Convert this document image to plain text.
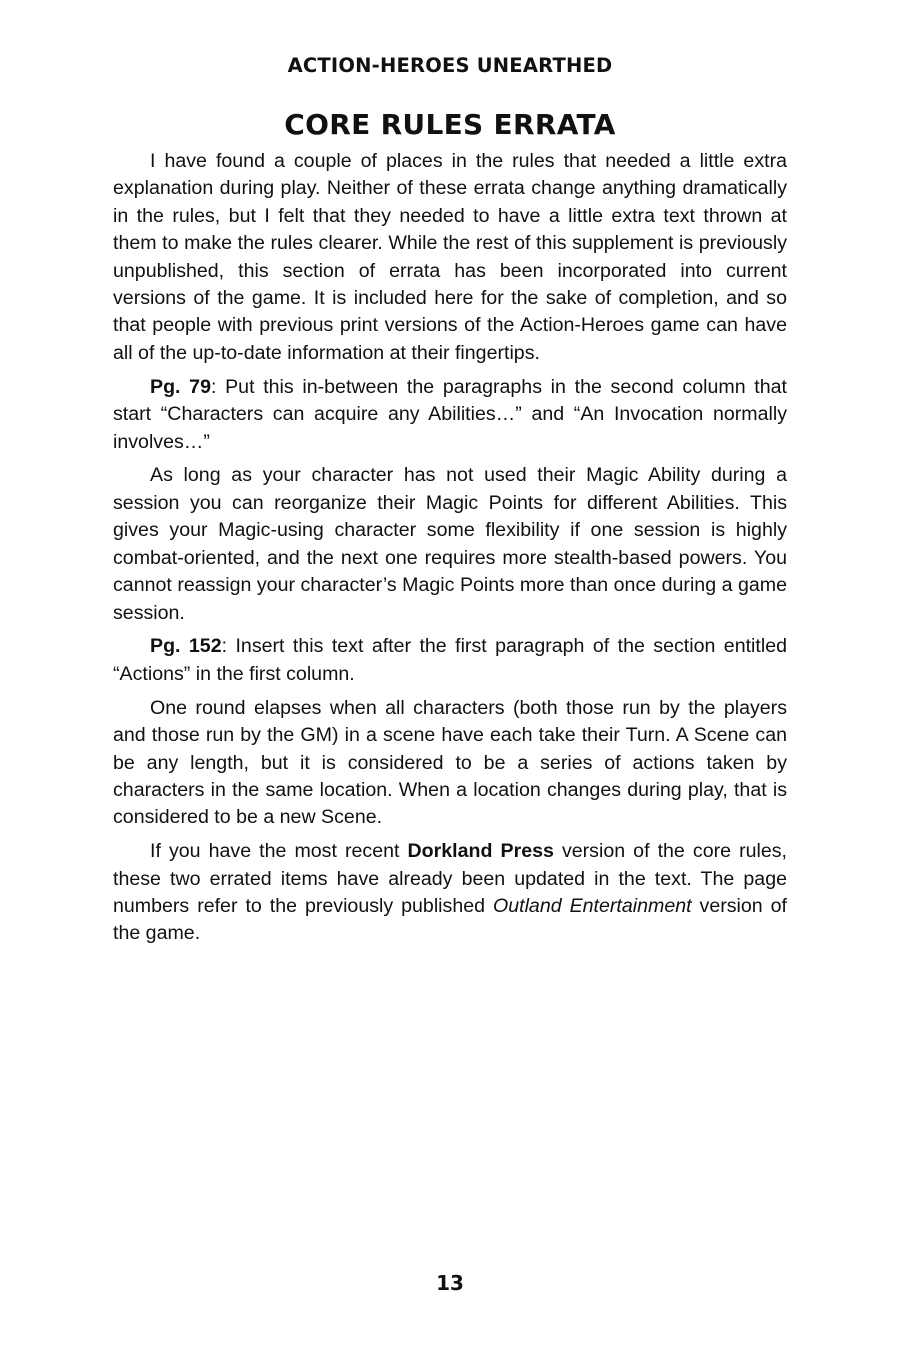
ACTION-HEROES UNEARTHED
CORE RULES ERRATA

I have found a couple of places in the rules that needed a little extra explanation during play. Neither of these errata change anything dramatically in the rules, but I felt that they needed to have a little extra text thrown at them to make the rules clearer. While the rest of this supplement is previously unpublished, this section of errata has been incorporated into current versions of the game. It is included here for the sake of completion, and so that people with previous print versions of the Action-Heroes game can have all of the up-to-date information at their fingertips.

Pg. 79: Put this in-between the paragraphs in the second column that start “Characters can acquire any Abilities…” and “An Invocation normally involves…”

As long as your character has not used their Magic Ability during a session you can reorganize their Magic Points for different Abilities. This gives your Magic-using character some flexibility if one session is highly combat-oriented, and the next one requires more stealth-based powers. You cannot reassign your character’s Magic Points more than once during a game session.

Pg. 152: Insert this text after the first paragraph of the section entitled “Actions” in the first column.

One round elapses when all characters (both those run by the players and those run by the GM) in a scene have each take their Turn. A Scene can be any length, but it is considered to be a series of actions taken by characters in the same location. When a location changes during play, that is considered to be a new Scene.

If you have the most recent Dorkland Press version of the core rules, these two errated items have already been updated in the text. The page numbers refer to the previously published Outland Entertainment version of the game.

13
